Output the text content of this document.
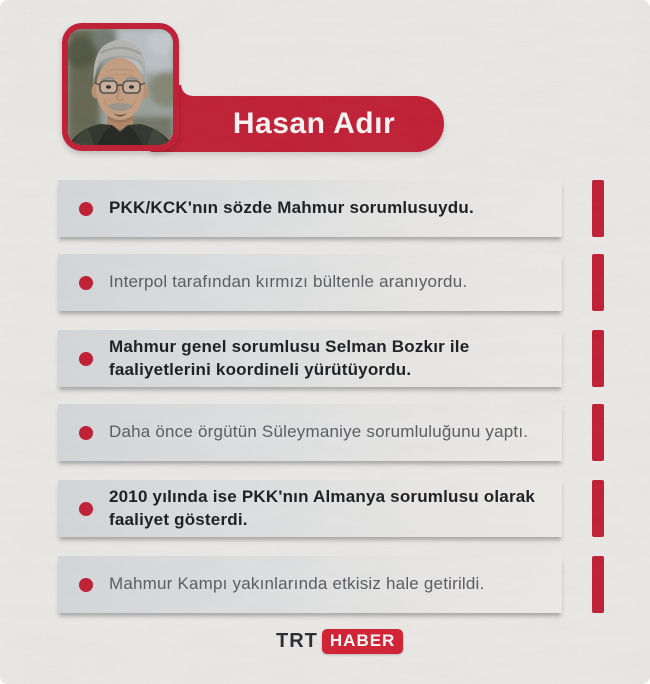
Hasan Adır
PKK/KCK'nın sözde Mahmur sorumlusuydu.
Interpol tarafından kırmızı bültenle aranıyordu.
Mahmur genel sorumlusu Selman Bozkır ile faaliyetlerini koordineli yürütüyordu.
Daha önce örgütün Süleymaniye sorumluluğunu yaptı.
2010 yılında ise PKK'nın Almanya sorumlusu olarak faaliyet gösterdi.
Mahmur Kampı yakınlarında etkisiz hale getirildi.
TRT HABER
